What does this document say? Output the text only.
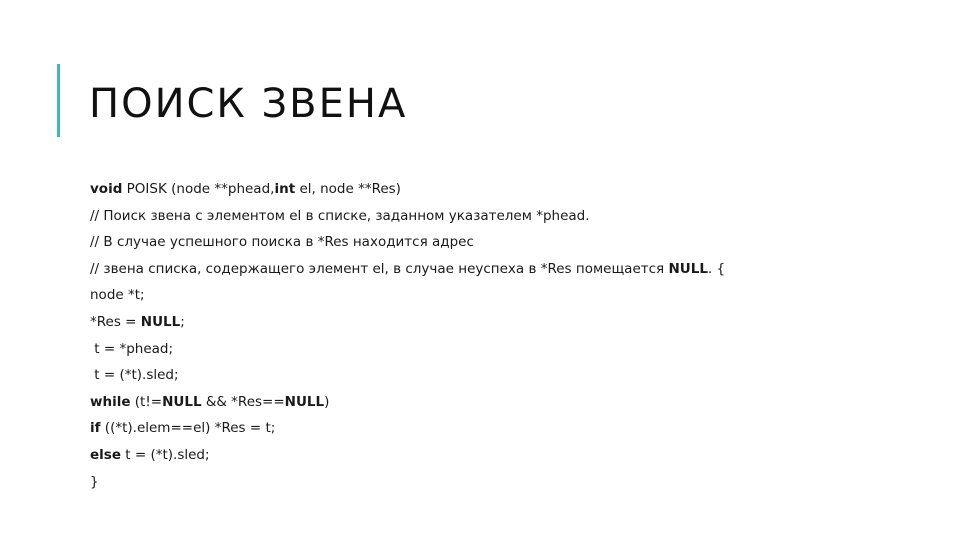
ПОИСК ЗВЕНА
void POISK (node **phead,int el, node **Res)
// Поиск звена с элементом el в списке, заданном указателем *phead.
// В случае успешного поиска в *Res находится адрес
// звена списка, содержащего элемент el, в случае неуспеха в *Res помещается NULL. {
node *t;
*Res = NULL;
t = *phead;
t = (*t).sled;
while (t!=NULL && *Res==NULL)
if ((*t).elem==el) *Res = t;
else t = (*t).sled;
}
